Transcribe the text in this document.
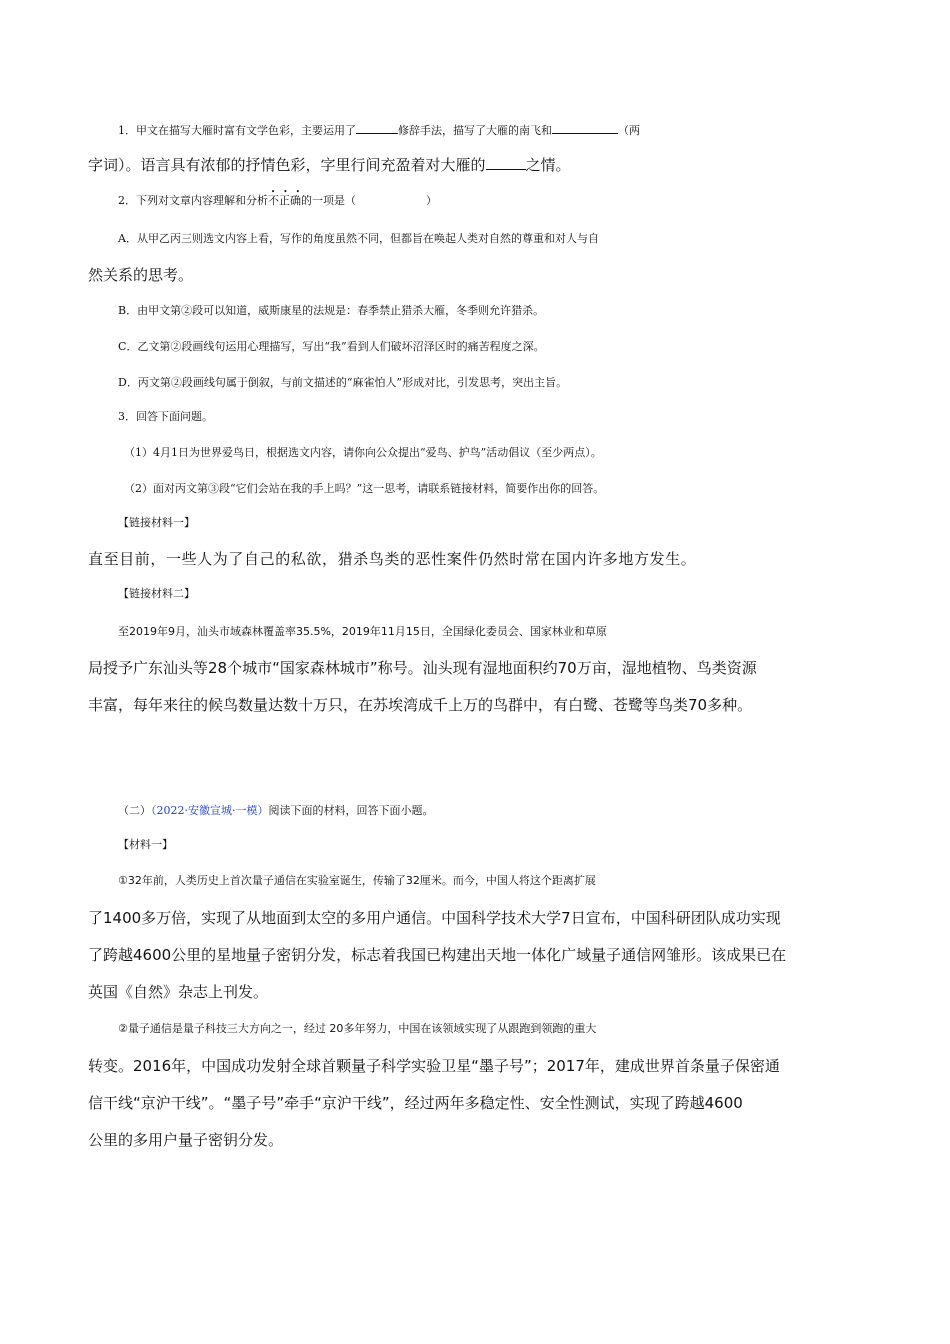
1．甲文在描写大雁时富有文学色彩，主要运用了	修辞手法，描写了大雁的南飞和	（两
字词）。语言具有浓郁的抒情色彩，字里行间充盈着对大雁的	之情。
2．下列对文章内容理解和分析不正确 • • •的一项是（	）
A．从甲乙丙三则选文内容上看，写作的角度虽然不同，但都旨在唤起人类对自然的尊重和对人与自
然关系的思考。
B．由甲文第②段可以知道，威斯康星的法规是：春季禁止猎杀大雁，冬季则允许猎杀。
C．乙文第②段画线句运用心理描写，写出“我”看到人们破坏沼泽区时的痛苦程度之深。
D．丙文第②段画线句属于倒叙，与前文描述的“麻雀怕人”形成对比，引发思考，突出主旨。
3．回答下面问题。
（1）4月1日为世界爱鸟日，根据选文内容，请你向公众提出“爱鸟、护鸟”活动倡议（至少两点）。
（2）面对丙文第③段“它们会站在我的手上吗？”这一思考，请联系链接材料，简要作出你的回答。
【链接材料一】
直至目前，一些人为了自己的私欲，猎杀鸟类的恶性案件仍然时常在国内许多地方发生。
【链接材料二】
至2019年9月，汕头市域森林覆盖率35.5%，2019年11月15日，全国绿化委员会、国家林业和草原
局授予广东汕头等28个城市“国家森林城市”称号。汕头现有湿地面积约70万亩，湿地植物、鸟类资源
丰富，每年来往的候鸟数量达数十万只，在苏埃湾成千上万的鸟群中，有白鹭、苍鹭等鸟类70多种。
（二）（2022·安徽宣城·一模）阅读下面的材料，回答下面小题。
【材料一】
①32年前，人类历史上首次量子通信在实验室诞生，传输了32厘米。而今，中国人将这个距离扩展
了1400多万倍，实现了从地面到太空的多用户通信。中国科学技术大学7日宣布，中国科研团队成功实现
了跨越4600公里的星地量子密钥分发，标志着我国已构建出天地一体化广域量子通信网雏形。该成果已在
英国《自然》杂志上刊发。
②量子通信是量子科技三大方向之一，经过 20多年努力，中国在该领域实现了从跟跑到领跑的重大
转变。2016年，中国成功发射全球首颗量子科学实验卫星“墨子号”；2017年，建成世界首条量子保密通
信干线“京沪干线”。“墨子号”牵手“京沪干线”，经过两年多稳定性、安全性测试，实现了跨越4600
公里的多用户量子密钥分发。
